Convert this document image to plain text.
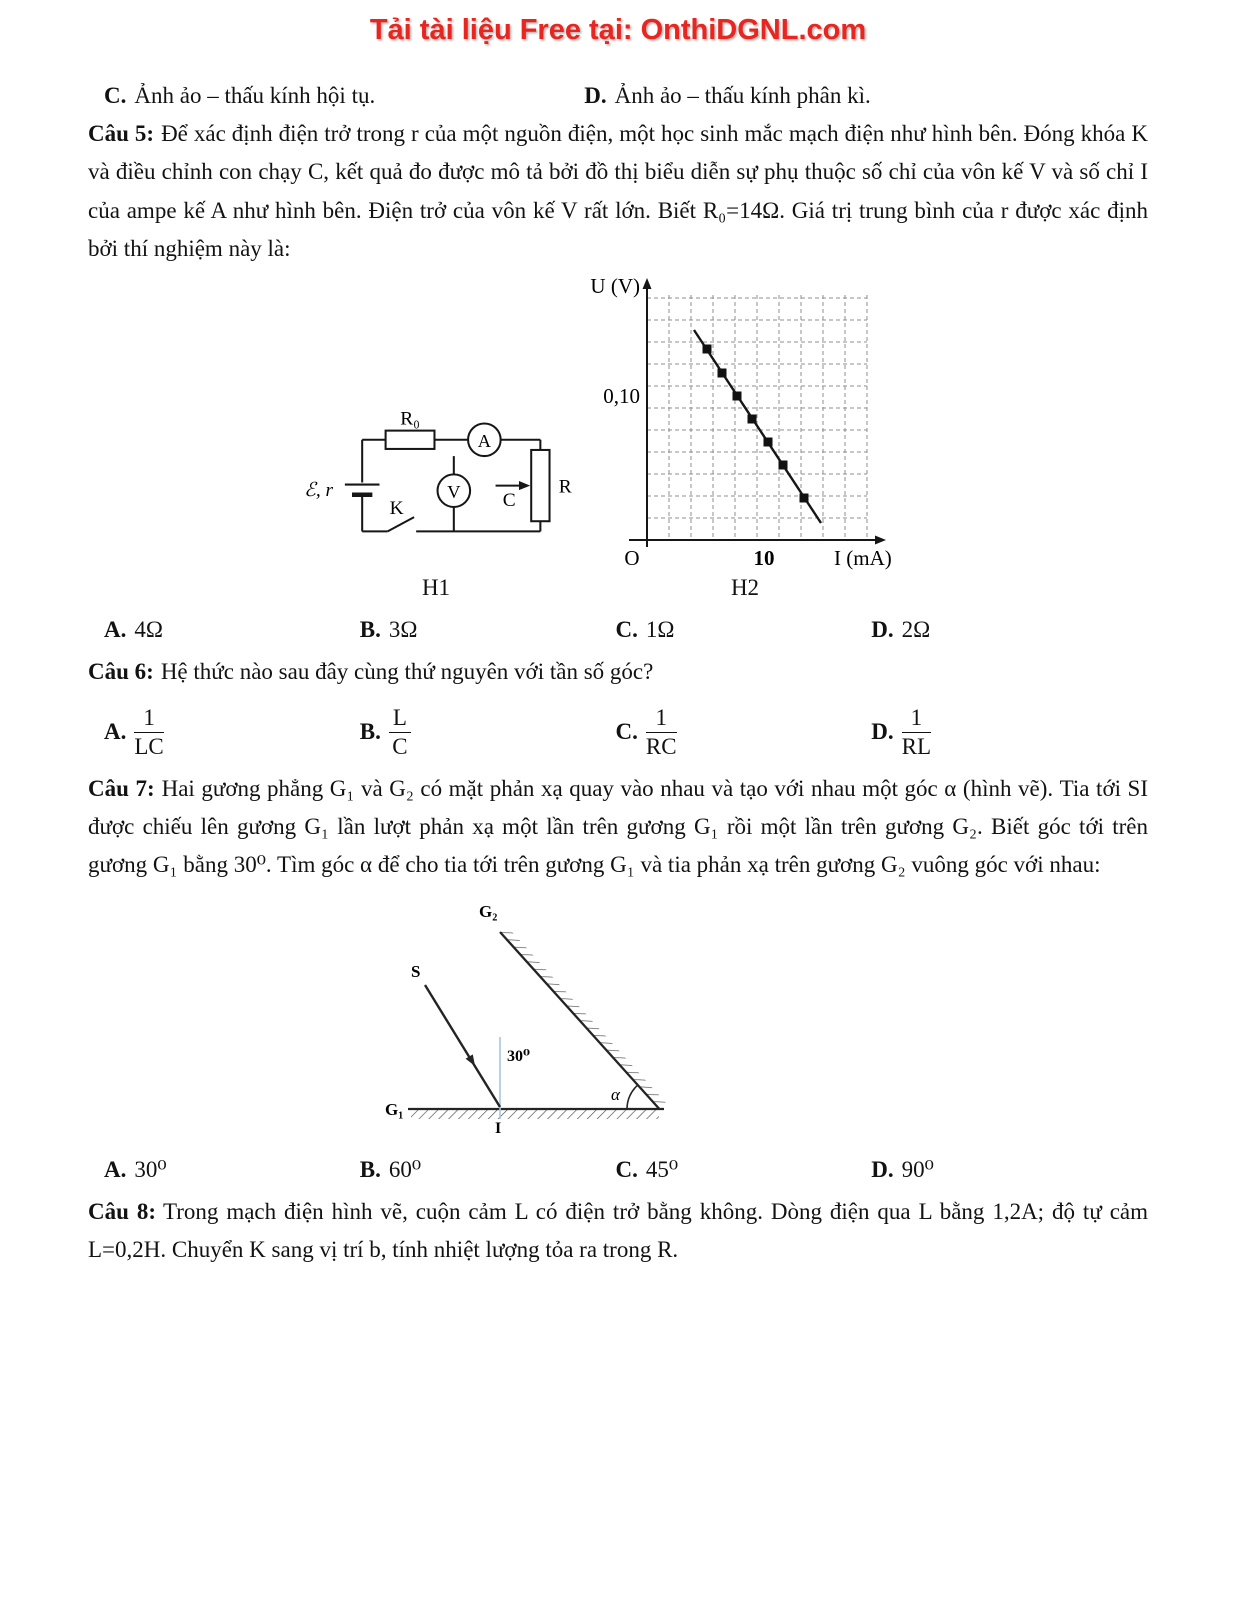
Tải tài liệu Free tại: OnthiDGNL.com
C. Ảnh ảo – thấu kính hội tụ.	D. Ảnh ảo – thấu kính phân kì.

Câu 5: Để xác định điện trở trong r của một nguồn điện, một học sinh mắc mạch điện như hình bên. Đóng khóa K và điều chỉnh con chạy C, kết quả đo được mô tả bởi đồ thị biểu diễn sự phụ thuộc số chỉ của vôn kế V và số chỉ I của ampe kế A như hình bên. Điện trở của vôn kế V rất lớn. Biết R₀=14Ω. Giá trị trung bình của r được xác định bởi thí nghiệm này là:

ℰ, r
R₀
A
V	R
C
K
H1
U (V)
0,10
O	10	I (mA)
H2
A. 4Ω	B. 3Ω	C. 1Ω	D. 2Ω

Câu 6: Hệ thức nào sau đây cùng thứ nguyên với tần số góc?

A. $\frac{1}{LC}$	B. $\frac{L}{C}$	C. $\frac{1}{RC}$	D. $\frac{1}{RL}$

Câu 7: Hai gương phẳng G₁ và G₂ có mặt phản xạ quay vào nhau và tạo với nhau một góc α (hình vẽ). Tia tới SI được chiếu lên gương G₁ lần lượt phản xạ một lần trên gương G₁ rồi một lần trên gương G₂. Biết góc tới trên gương G₁ bằng 30⁰. Tìm góc α để cho tia tới trên gương G₁ và tia phản xạ trên gương G₂ vuông góc với nhau:

G₂
S
30⁰
α
G₁
I
A. 30⁰	B. 60⁰	C. 45⁰	D. 90⁰

Câu 8: Trong mạch điện hình vẽ, cuộn cảm L có điện trở bằng không. Dòng điện qua L bằng 1,2A; độ tự cảm L=0,2H. Chuyển K sang vị trí b, tính nhiệt lượng tỏa ra trong R.
